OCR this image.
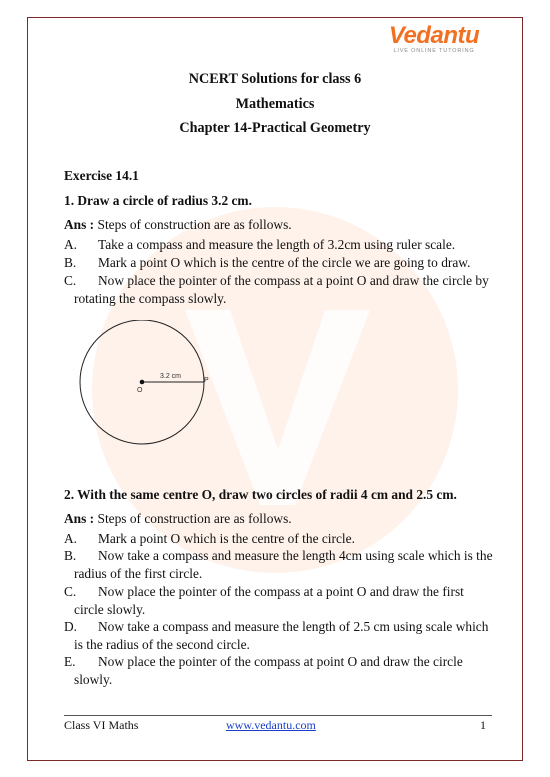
Vedantu
LIVE ONLINE TUTORING
NCERT Solutions for class 6
Mathematics
Chapter 14-Practical Geometry
Exercise 14.1
1. Draw a circle of radius 3.2 cm.
Ans : Steps of construction are as follows.
A. Take a compass and measure the length of 3.2cm using ruler scale.
B. Mark a point O which is the centre of the circle we are going to draw.
C. Now place the pointer of the compass at a point O and draw the circle by
rotating the compass slowly.
O
P
3.2 cm
2. With the same centre O, draw two circles of radii 4 cm and 2.5 cm.
Ans : Steps of construction are as follows.
A. Mark a point O which is the centre of the circle.
B. Now take a compass and measure the length 4cm using scale which is the
radius of the first circle.
C. Now place the pointer of the compass at a point O and draw the first
circle slowly.
D. Now take a compass and measure the length of 2.5 cm using scale which
is the radius of the second circle.
E. Now place the pointer of the compass at point O and draw the circle
slowly.
Class VI Maths	www.vedantu.com	1
